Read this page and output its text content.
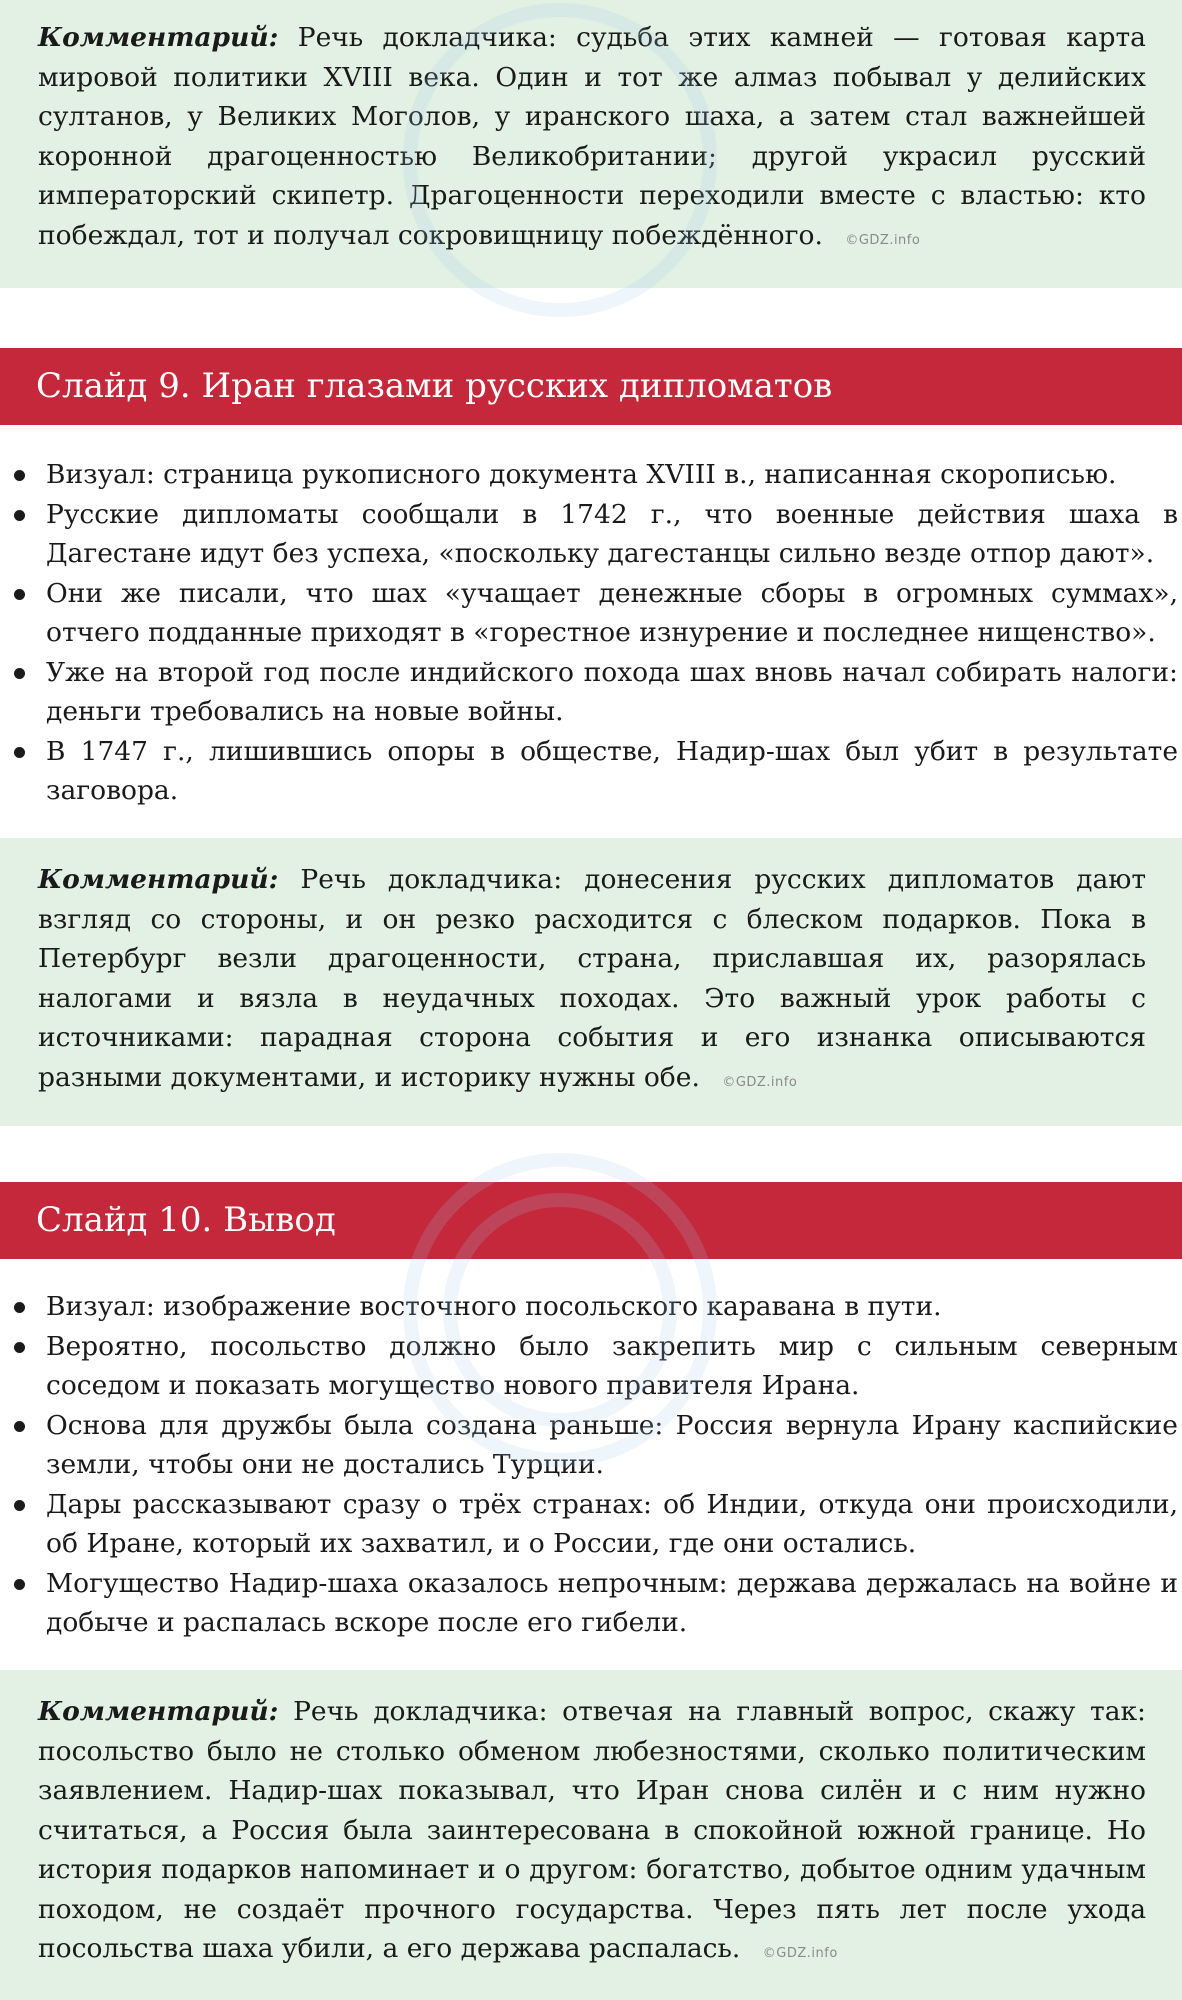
Комментарий: Речь докладчика: судьба этих камней — готовая карта мировой политики XVIII века. Один и тот же алмаз побывал у делийских султанов, у Великих Моголов, у иранского шаха, а затем стал важнейшей коронной драгоценностью Великобритании; другой украсил русский императорский скипетр. Драгоценности переходили вместе с властью: кто побеждал, тот и получал сокровищницу побеждённого. ©GDZ.info
Слайд 9. Иран глазами русских дипломатов
Визуал: страница рукописного документа XVIII в., написанная скорописью.
Русские дипломаты сообщали в 1742 г., что военные действия шаха в Дагестане идут без успеха, «поскольку дагестанцы сильно везде отпор дают».
Они же писали, что шах «учащает денежные сборы в огромных суммах», отчего подданные приходят в «горестное изнурение и последнее нищенство».
Уже на второй год после индийского похода шах вновь начал собирать налоги: деньги требовались на новые войны.
В 1747 г., лишившись опоры в обществе, Надир-шах был убит в результате заговора.
Комментарий: Речь докладчика: донесения русских дипломатов дают взгляд со стороны, и он резко расходится с блеском подарков. Пока в Петербург везли драгоценности, страна, приславшая их, разорялась налогами и вязла в неудачных походах. Это важный урок работы с источниками: парадная сторона события и его изнанка описываются разными документами, и историку нужны обе. ©GDZ.info
Слайд 10. Вывод
Визуал: изображение восточного посольского каравана в пути.
Вероятно, посольство должно было закрепить мир с сильным северным соседом и показать могущество нового правителя Ирана.
Основа для дружбы была создана раньше: Россия вернула Ирану каспийские земли, чтобы они не достались Турции.
Дары рассказывают сразу о трёх странах: об Индии, откуда они происходили, об Иране, который их захватил, и о России, где они остались.
Могущество Надир-шаха оказалось непрочным: держава держалась на войне и добыче и распалась вскоре после его гибели.
Комментарий: Речь докладчика: отвечая на главный вопрос, скажу так: посольство было не столько обменом любезностями, сколько политическим заявлением. Надир-шах показывал, что Иран снова силён и с ним нужно считаться, а Россия была заинтересована в спокойной южной границе. Но история подарков напоминает и о другом: богатство, добытое одним удачным походом, не создаёт прочного государства. Через пять лет после ухода посольства шаха убили, а его держава распалась. ©GDZ.info
